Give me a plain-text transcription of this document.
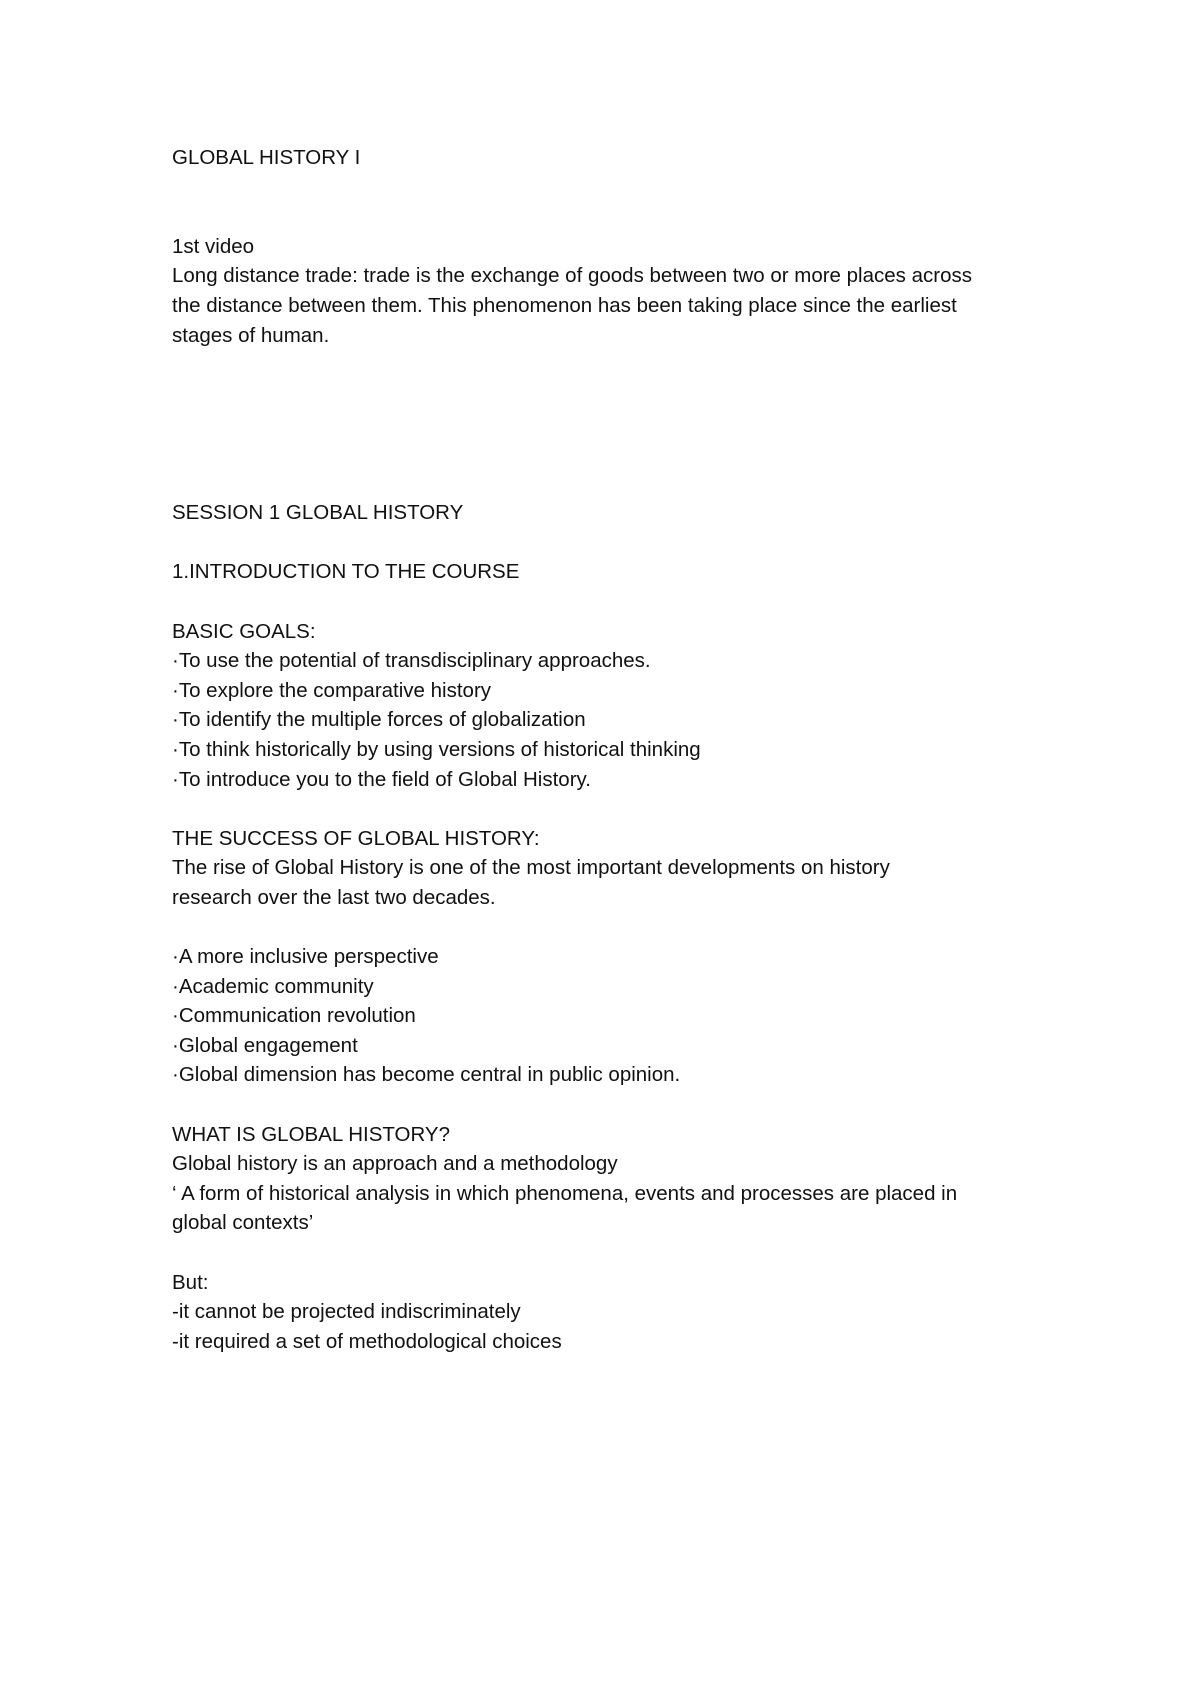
GLOBAL HISTORY I
1st video
Long distance trade: trade is the exchange of goods between two or more places across
the distance between them. This phenomenon has been taking place since the earliest
stages of human.
SESSION 1 GLOBAL HISTORY
1.INTRODUCTION TO THE COURSE
BASIC GOALS:
·To use the potential of transdisciplinary approaches.
·To explore the comparative history
·To identify the multiple forces of globalization
·To think historically by using versions of historical thinking
·To introduce you to the field of Global History.
THE SUCCESS OF GLOBAL HISTORY:
The rise of Global History is one of the most important developments on history
research over the last two decades.
·A more inclusive perspective
·Academic community
·Communication revolution
·Global engagement
·Global dimension has become central in public opinion.
WHAT IS GLOBAL HISTORY?
Global history is an approach and a methodology
‘ A form of historical analysis in which phenomena, events and processes are placed in
global contexts’
But:
-it cannot be projected indiscriminately
-it required a set of methodological choices
